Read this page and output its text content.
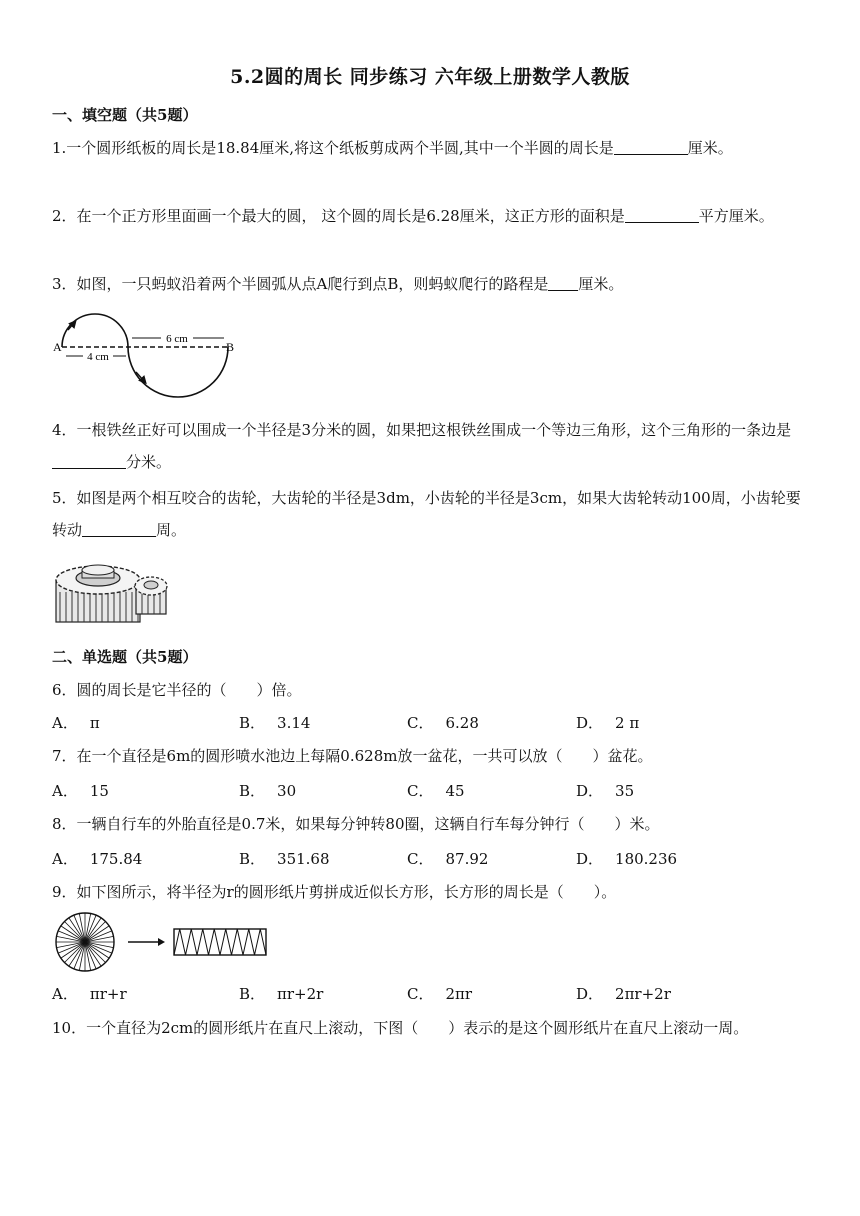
5.2圆的周长 同步练习 六年级上册数学人教版
一、填空题（共5题）
1.一个圆形纸板的周长是18.84厘米,将这个纸板剪成两个半圆,其中一个半圆的周长是	厘米。
2．在一个正方形里面画一个最大的圆， 这个圆的周长是6.28厘米，这正方形的面积是	平方厘米。
3．如图，一只蚂蚁沿着两个半圆弧从点A爬行到点B，则蚂蚁爬行的路程是 厘米。
4 cm
6 cm
A	B
4．一根铁丝正好可以围成一个半径是3分米的圆，如果把这根铁丝围成一个等边三角形，这个三角形的一条边是分米。
5．如图是两个相互咬合的齿轮，大齿轮的半径是3dm，小齿轮的半径是3cm，如果大齿轮转动100周，小齿轮要转动	周。
二、单选题（共5题）
6．圆的周长是它半径的（　　）倍。
A． π	B． 3.14	C． 6.28	D． 2 π
7．在一个直径是6m的圆形喷水池边上每隔0.628m放一盆花，一共可以放（　　）盆花。
A． 15	B． 30	C． 45	D． 35
8．一辆自行车的外胎直径是0.7米，如果每分钟转80圈，这辆自行车每分钟行（　　）米。
A． 175.84	B． 351.68	C． 87.92	D． 180.236
9．如下图所示，将半径为r的圆形纸片剪拼成近似长方形，长方形的周长是（　　）。
A． πr+r	B． πr+2r	C． 2πr	D． 2πr+2r
10．一个直径为2cm的圆形纸片在直尺上滚动，下图（　　）表示的是这个圆形纸片在直尺上滚动一周。
